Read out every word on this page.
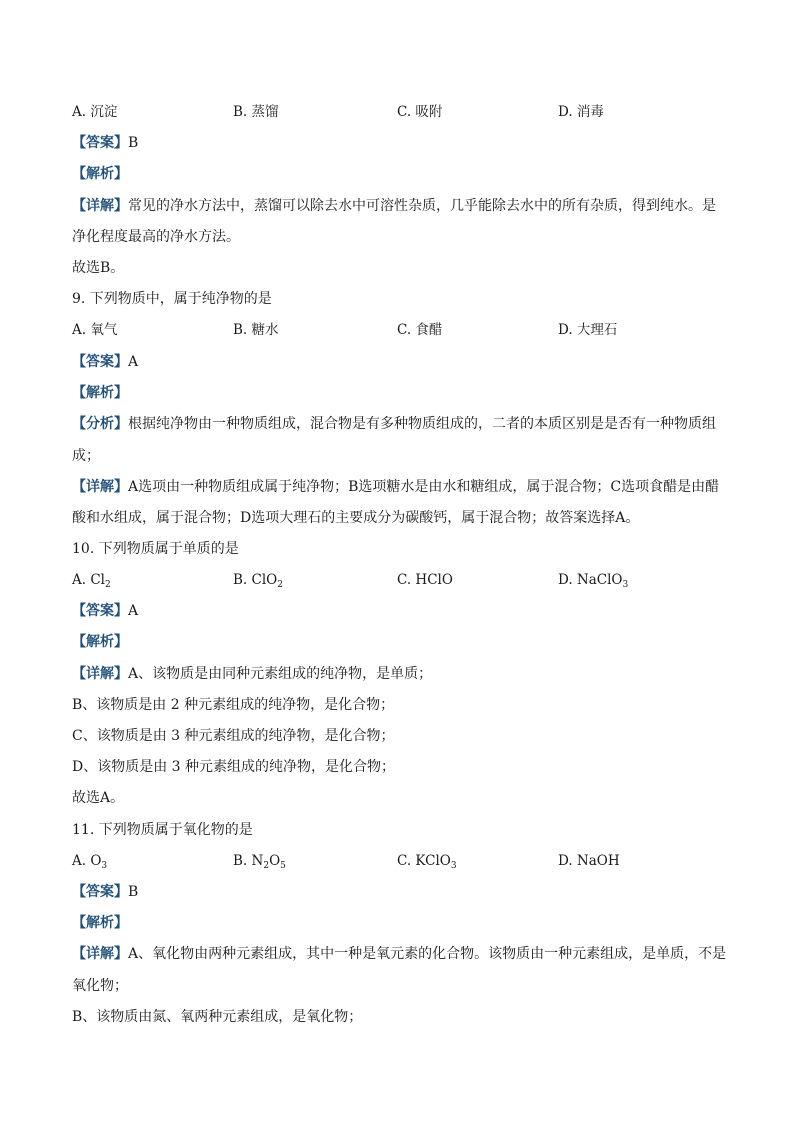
A. 沉淀	B. 蒸馏	C. 吸附	D. 消毒
【答案】B
【解析】
【详解】常见的净水方法中，蒸馏可以除去水中可溶性杂质，几乎能除去水中的所有杂质，得到纯水。是
净化程度最高的净水方法。
故选B。
9. 下列物质中，属于纯净物的是
A. 氧气	B. 糖水	C. 食醋	D. 大理石
【答案】A
【解析】
【分析】根据纯净物由一种物质组成，混合物是有多种物质组成的，二者的本质区别是是否有一种物质组
成；
【详解】A选项由一种物质组成属于纯净物；B选项糖水是由水和糖组成，属于混合物；C选项食醋是由醋
酸和水组成，属于混合物；D选项大理石的主要成分为碳酸钙，属于混合物；故答案选择A。
10. 下列物质属于单质的是
A. $Cl_2$	B. ClO$_2$	C. HClO	D. NaClO$_3$
【答案】A
【解析】
【详解】A、该物质是由同种元素组成的纯净物，是单质；
B、该物质是由 2 种元素组成的纯净物，是化合物；
C、该物质是由 3 种元素组成的纯净物，是化合物；
D、该物质是由 3 种元素组成的纯净物，是化合物；
故选A。
11. 下列物质属于氧化物的是
A. $O_3$	B. $N_2O_5$	C. KClO$_3$	D. NaOH
【答案】B
【解析】
【详解】A、氧化物由两种元素组成，其中一种是氧元素的化合物。该物质由一种元素组成，是单质，不是
氧化物；
B、该物质由氮、氧两种元素组成，是氧化物；
